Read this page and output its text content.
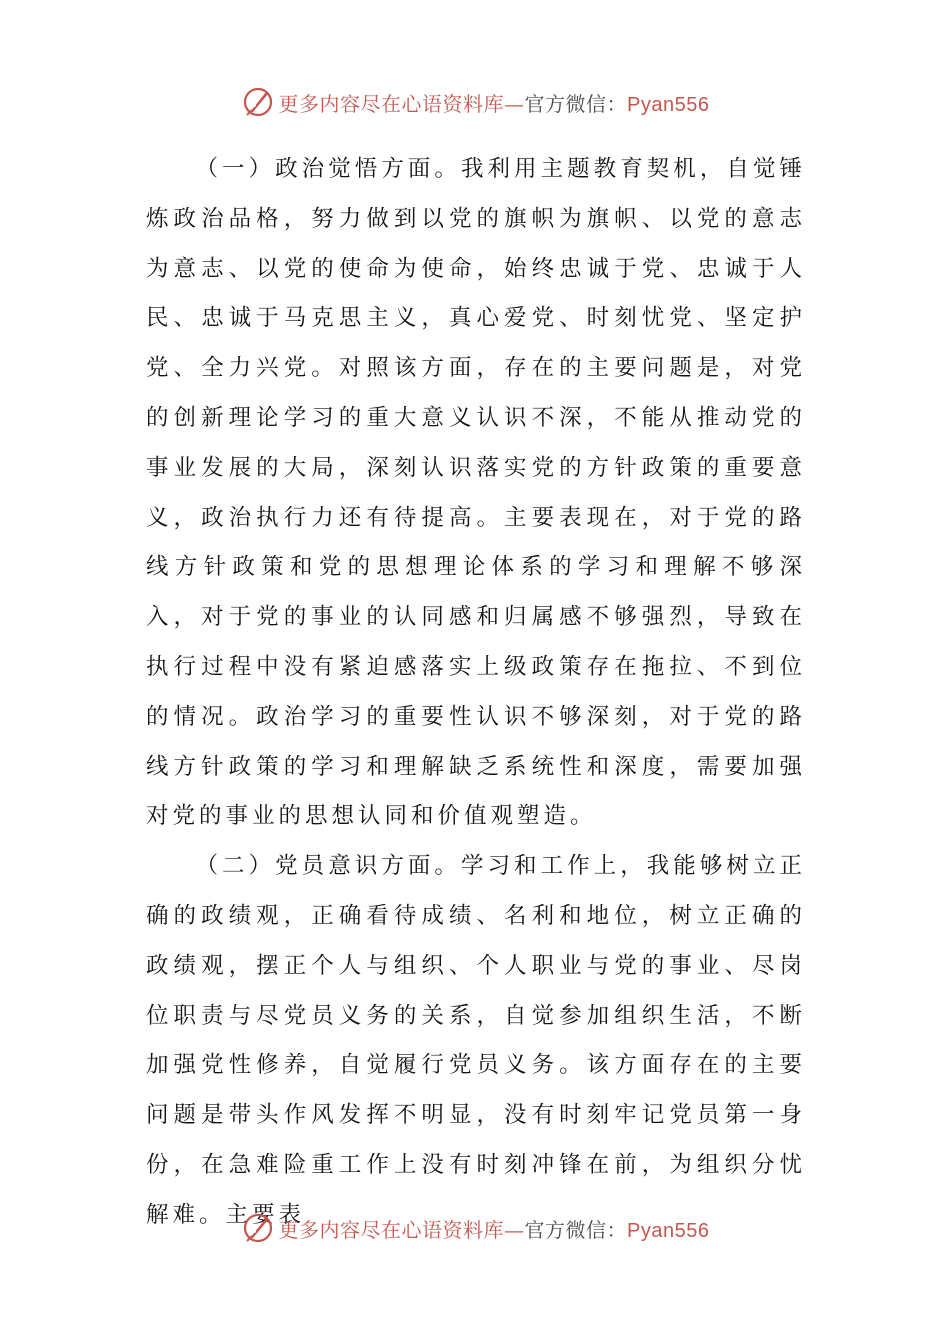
更多内容尽在心语资料库—官方微信：Pyan556

（一）政治觉悟方面。我利用主题教育契机，自觉锤炼政治品格，努力做到以党的旗帜为旗帜、以党的意志为意志、以党的使命为使命，始终忠诚于党、忠诚于人民、忠诚于马克思主义，真心爱党、时刻忧党、坚定护党、全力兴党。对照该方面，存在的主要问题是，对党的创新理论学习的重大意义认识不深，不能从推动党的事业发展的大局，深刻认识落实党的方针政策的重要意义，政治执行力还有待提高。主要表现在，对于党的路线方针政策和党的思想理论体系的学习和理解不够深入，对于党的事业的认同感和归属感不够强烈，导致在执行过程中没有紧迫感落实上级政策存在拖拉、不到位的情况。政治学习的重要性认识不够深刻，对于党的路线方针政策的学习和理解缺乏系统性和深度，需要加强对党的事业的思想认同和价值观塑造。

（二）党员意识方面。学习和工作上，我能够树立正确的政绩观，正确看待成绩、名利和地位，树立正确的政绩观，摆正个人与组织、个人职业与党的事业、尽岗位职责与尽党员义务的关系，自觉参加组织生活，不断加强党性修养，自觉履行党员义务。该方面存在的主要问题是带头作风发挥不明显，没有时刻牢记党员第一身份，在急难险重工作上没有时刻冲锋在前，为组织分忧解难。主要表

更多内容尽在心语资料库—官方微信：Pyan556
